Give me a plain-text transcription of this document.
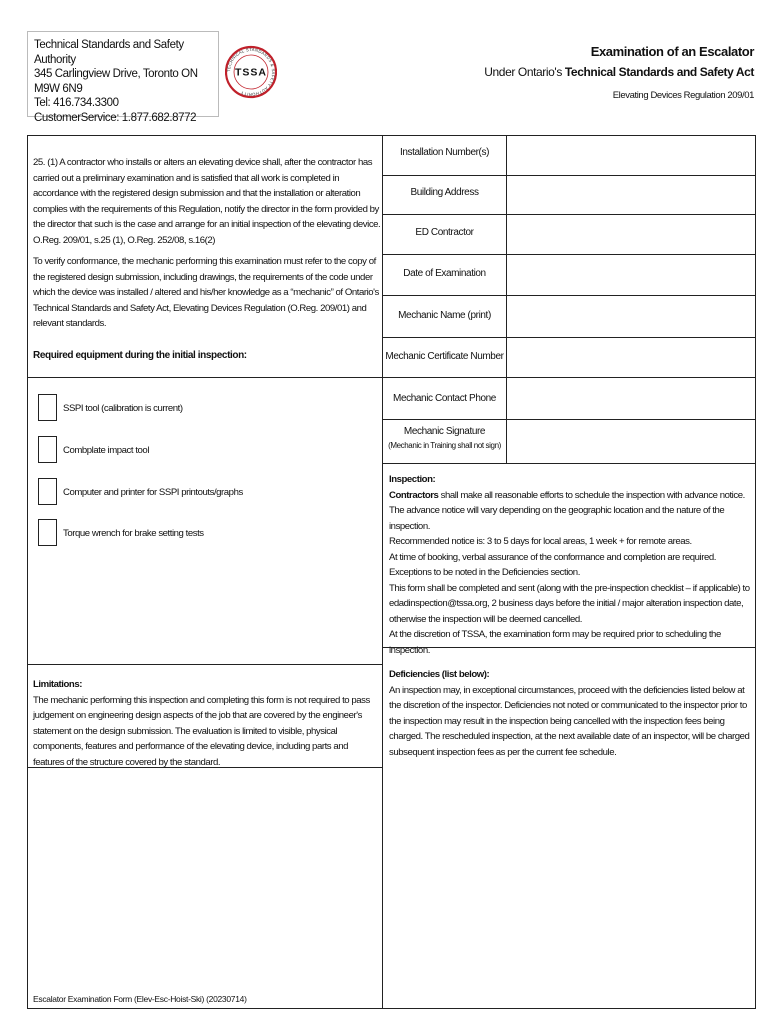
Technical Standards and Safety Authority
345 Carlingview Drive, Toronto ON M9W 6N9
Tel: 416.734.3300
CustomerService: 1.877.682.8772
TECHNICAL STANDARDS & SAFETY AUTHORITY
TSSA
Examination of an Escalator
Under Ontario's Technical Standards and Safety Act
Elevating Devices Regulation 209/01
25. (1) A contractor who installs or alters an elevating device shall, after the contractor has carried out a preliminary examination and is satisfied that all work is completed in accordance with the registered design submission and that the installation or alteration complies with the requirements of this Regulation, notify the director in the form provided by the director that such is the case and arrange for an initial inspection of the elevating device. O.Reg. 209/01, s.25 (1), O.Reg. 252/08, s.16(2)
To verify conformance, the mechanic performing this examination must refer to the copy of the registered design submission, including drawings, the requirements of the code under which the device was installed / altered and his/her knowledge as a “mechanic” of Ontario's Technical Standards and Safety Act, Elevating Devices Regulation (O.Reg. 209/01) and relevant standards.
Required equipment during the initial inspection:
SSPI tool (calibration is current)
Combplate impact tool
Computer and printer for SSPI printouts/graphs
Torque wrench for brake setting tests
Installation Number(s)
Building Address
ED Contractor
Date of Examination
Mechanic Name (print)
Mechanic Certificate Number
Mechanic Contact Phone
Mechanic Signature
(Mechanic in Training shall not sign)
Inspection:
Contractors shall make all reasonable efforts to schedule the inspection with advance notice.
The advance notice will vary depending on the geographic location and the nature of the inspection.
Recommended notice is: 3 to 5 days for local areas, 1 week + for remote areas.
At time of booking, verbal assurance of the conformance and completion are required. Exceptions to be noted in the Deficiencies section.
This form shall be completed and sent (along with the pre-inspection checklist – if applicable) to edadinspection@tssa.org, 2 business days before the initial / major alteration inspection date, otherwise the inspection will be deemed cancelled.
At the discretion of TSSA, the examination form may be required prior to scheduling the inspection.
Limitations:
The mechanic performing this inspection and completing this form is not required to pass judgement on engineering design aspects of the job that are covered by the engineer's statement on the design submission. The evaluation is limited to visible, physical components, features and performance of the elevating device, including parts and features of the structure covered by the standard.
Deficiencies (list below):
An inspection may, in exceptional circumstances, proceed with the deficiencies listed below at the discretion of the inspector. Deficiencies not noted or communicated to the inspector prior to the inspection may result in the inspection being cancelled with the inspection fees being charged. The rescheduled inspection, at the next available date of an inspector, will be charged subsequent inspection fees as per the current fee schedule.
Escalator Examination Form (Elev-Esc-Hoist-Ski) (20230714)
